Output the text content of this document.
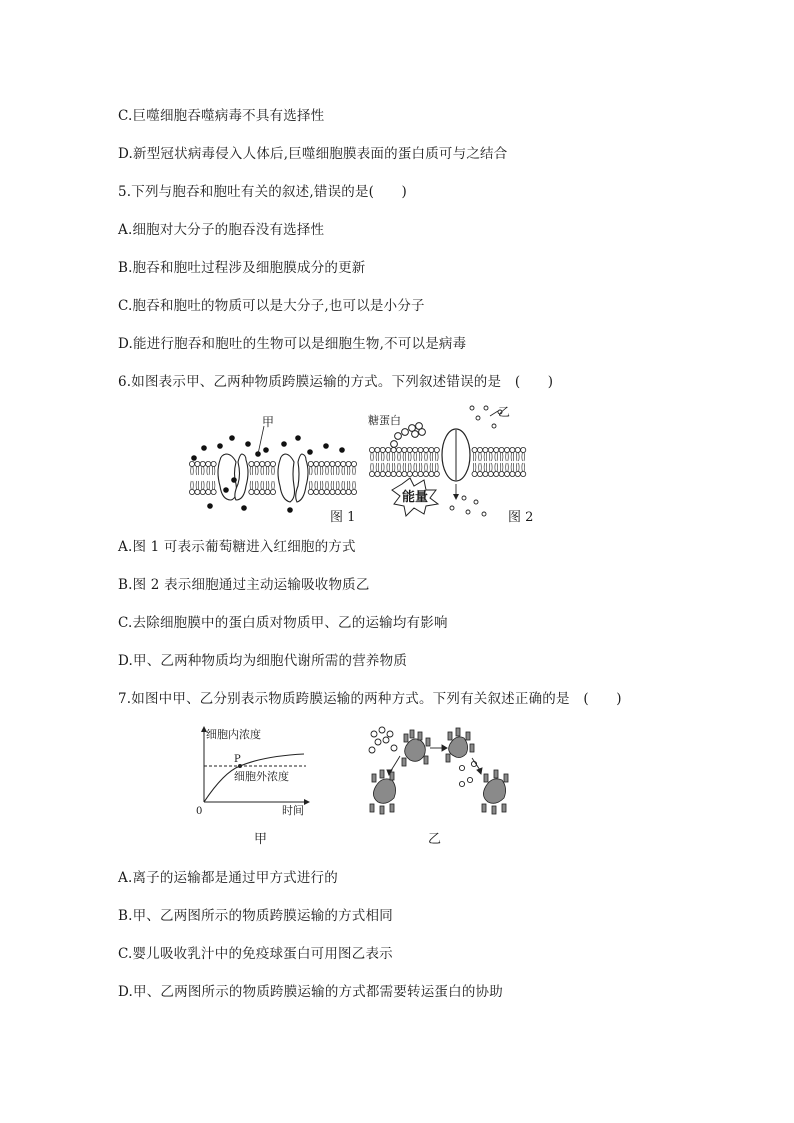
C.巨噬细胞吞噬病毒不具有选择性
D.新型冠状病毒侵入人体后,巨噬细胞膜表面的蛋白质可与之结合
5.下列与胞吞和胞吐有关的叙述,错误的是(　　)
A.细胞对大分子的胞吞没有选择性
B.胞吞和胞吐过程涉及细胞膜成分的更新
C.胞吞和胞吐的物质可以是大分子,也可以是小分子
D.能进行胞吞和胞吐的生物可以是细胞生物,不可以是病毒
6.如图表示甲、乙两种物质跨膜运输的方式。下列叙述错误的是　(　　)
甲
图 1
能量
乙
糖蛋白
图 2
A.图 1 可表示葡萄糖进入红细胞的方式
B.图 2 表示细胞通过主动运输吸收物质乙
C.去除细胞膜中的蛋白质对物质甲、乙的运输均有影响
D.甲、乙两种物质均为细胞代谢所需的营养物质
7.如图中甲、乙分别表示物质跨膜运输的两种方式。下列有关叙述正确的是　(　　)
P
细胞内浓度
细胞外浓度
0	时间
甲	乙
A.离子的运输都是通过甲方式进行的
B.甲、乙两图所示的物质跨膜运输的方式相同
C.婴儿吸收乳汁中的免疫球蛋白可用图乙表示
D.甲、乙两图所示的物质跨膜运输的方式都需要转运蛋白的协助
